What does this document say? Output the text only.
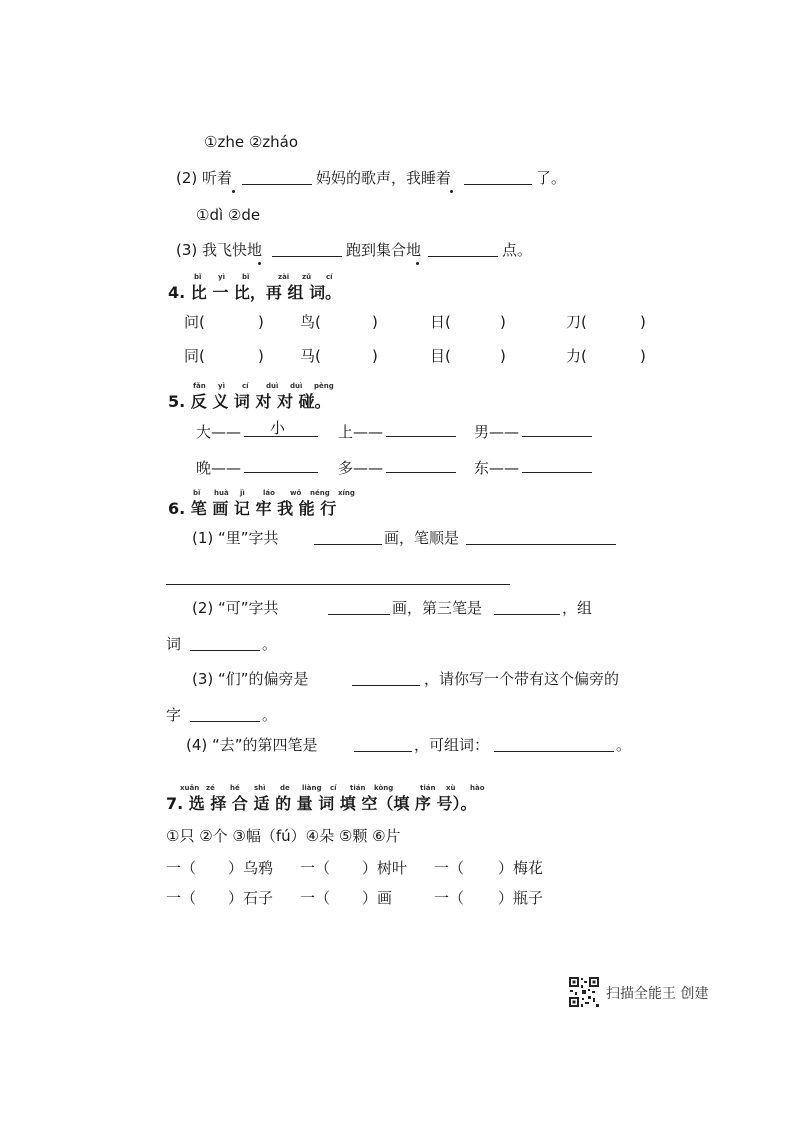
①zhe ②zháo
(2) 听着	妈妈的歌声，我睡着	了。
①dì ②de
(3) 我飞快地	跑到集合地	点。
bǐ yì bǐ	zài zǔ cí
4. 比 一 比，再 组 词。
问(	) 鸟(	)	日(	)	刀(	)
同(	) 马(	)	目(	)	力(	)
fǎn yì cí duì duì pèng
5. 反 义 词 对 对 碰。
大—— 小	上——	男——
晚——	多——	东——
bǐ huà jì	láo wǒ néng xíng
6. 笔 画 记 牢 我 能 行
(1) “里”字共	画，笔顺是
(2) “可”字共	画，第三笔是	，组
词	。
(3) “们”的偏旁是	，请你写一个带有这个偏旁的
字	。
(4) “去”的第四笔是	，可组词：	。
xuǎn zé hé shì de liàng cí tián kòng	tián xù hào
7. 选 择 合 适 的 量 词 填 空（填 序 号）。
①只 ②个 ③幅（fú）④朵 ⑤颗 ⑥片
一（ ）乌鸦 一（ ）树叶 一（ ）梅花
一（ ）石子 一（ ）画	一（ ）瓶子
扫描全能王 创建
